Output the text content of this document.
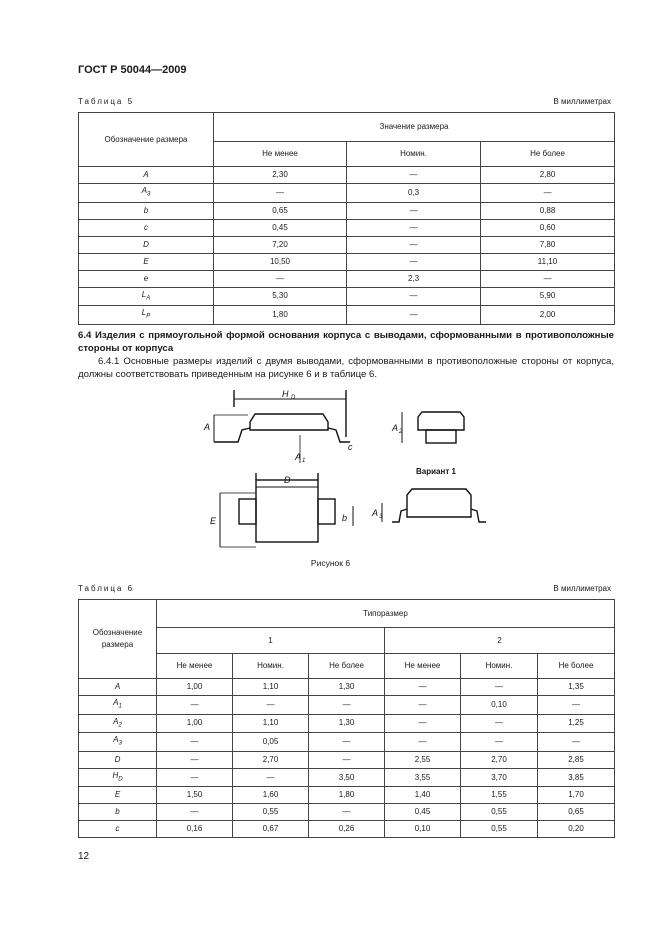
ГОСТ Р 50044—2009
Таблица 5	В миллиметрах
Обозначение размера	Значение размера		
	Не менее	Номин.	Не более
A	2,30	—	2,80
$A_3$	—	0,3	—
b	0,65	—	0,88
c	0,45	—	0,60
D	7,20	—	7,80
E	10,50	—	11,10
e	—	2,3	—
$L_A$	5,30	—	5,90
$L_P$	1,80	—	2,00
6.4 Изделия с прямоугольной формой основания корпуса с выводами, сформованными в противоположные стороны от корпуса
6.4.1 Основные размеры изделий с двумя выводами, сформованными в противоположные стороны от корпуса, должны соответствовать приведенным на рисунке 6 и в таблице 6.
H D
A
A 1
c
A 2
D
E	b	A 3
Вариант 1
Рисунок 6
Таблица 6	В миллиметрах
Обозначение размера	Типоразмер					
	1			2		
	Не менее	Номин.	Не более	Не менее	Номин.	Не более
A	1,00	1,10	1,30	—	—	1,35
$A_1$	—	—	—	—	0,10	—
$A_2$	1,00	1,10	1,30	—	—	1,25
$A_3$	—	0,05	—	—	—	—
D	—	2,70	—	2,55	2,70	2,85
$H_D$	—	—	3,50	3,55	3,70	3,85
E	1,50	1,60	1,80	1,40	1,55	1,70
b	—	0,55	—	0,45	0,55	0,65
c	0,16	0,67	0,26	0,10	0,55	0,20
12
